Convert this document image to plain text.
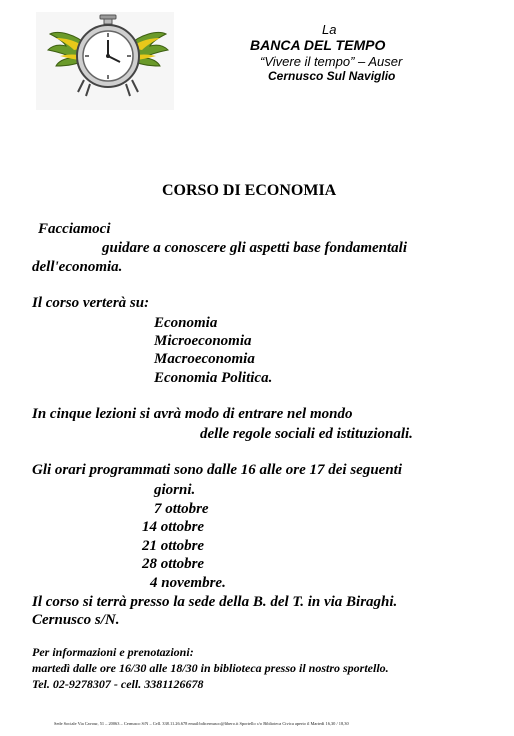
La
BANCA DEL TEMPO
“Vivere il tempo” – Auser
Cernusco Sul Naviglio
CORSO DI ECONOMIA
Facciamoci
guidare a conoscere gli aspetti base fondamentali
dell'economia.
Il corso verterà su:
Economia
Microeconomia
Macroeconomia
Economia Politica.
In cinque lezioni si avrà modo di entrare nel mondo
delle regole sociali ed istituzionali.
Gli orari programmati sono dalle 16 alle ore 17 dei seguenti
giorni.
7 ottobre
14 ottobre
21 ottobre
28 ottobre
4 novembre.
Il corso si terrà presso la sede della B. del T. in via Biraghi.
Cernusco s/N.
Per informazioni e prenotazioni:
martedì dalle ore 16/30 alle 18/30 in biblioteca presso il nostro sportello.
Tel. 02-9278307 - cell. 3381126678
Sede Sociale Via Cavour, 51 – 20063 – Cernusco S/N – Cell. 338.11.26.678 email:bdtcernusco@libero.it Sportello c/o Biblioteca Civica aperto il Martedì 16,30 / 18,30
